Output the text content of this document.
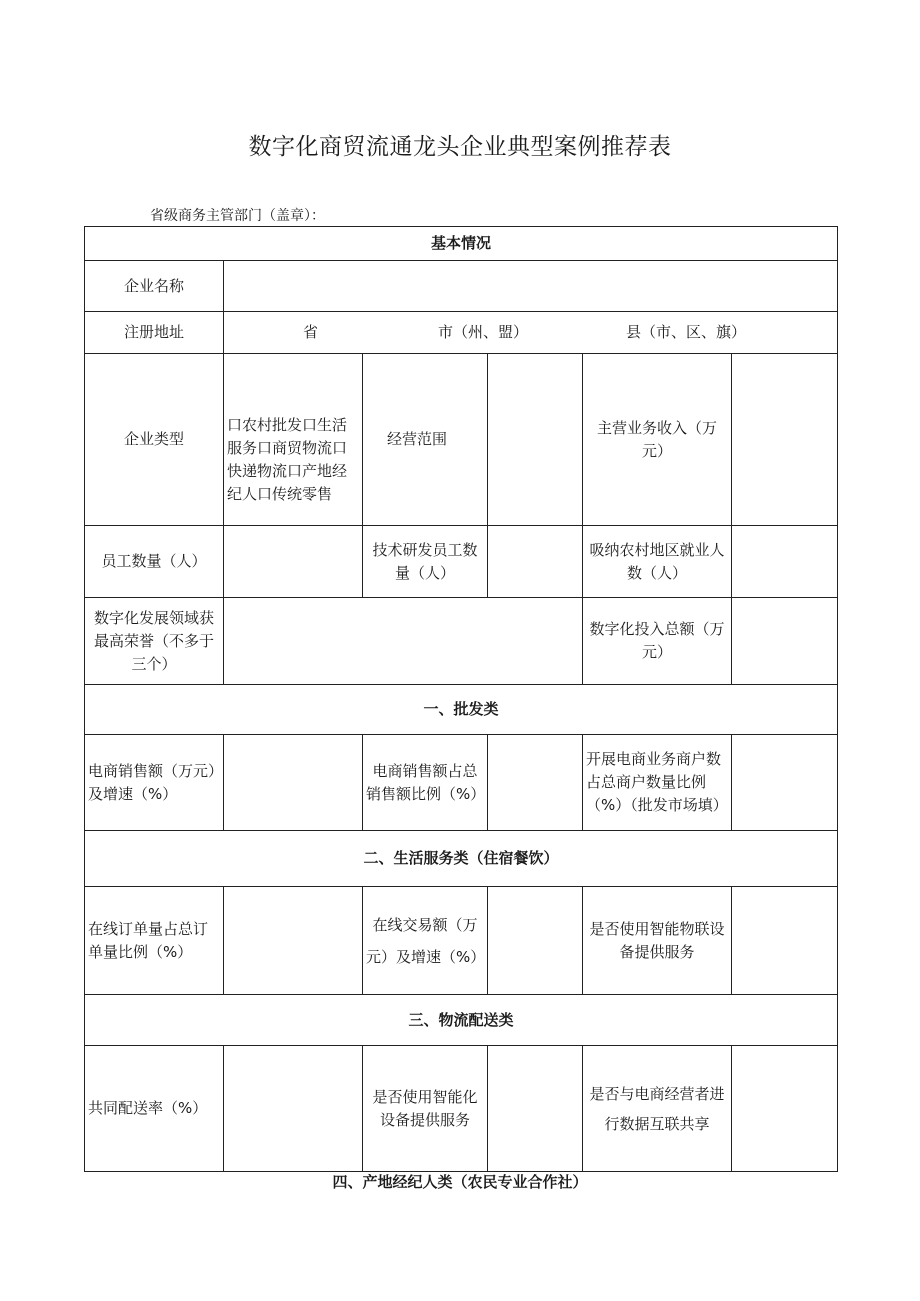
数字化商贸流通龙头企业典型案例推荐表
省级商务主管部门（盖章）：
基本情况					
企业名称					
注册地址	省 市（州、盟） 县（市、区、旗）				

企业类型	口农村批发口生活服务口商贸物流口快递物流口产地经纪人口传统零售	经营范围		主营业务收入（万元）	
员工数量（人）		技术研发员工数量（人）		吸纳农村地区就业人数（人）	
数字化发展领域获最高荣誉（不多于三个）				数字化投入总额（万元）	
一、批发类					
电商销售额（万元）及增速（%）		电商销售额占总销售额比例（%）		开展电商业务商户数占总商户数量比例（%）（批发市场填）	
二、生活服务类（住宿餐饮）					
在线订单量占总订单量比例（%）		在线交易额（万元）及增速（%）		是否使用智能物联设备提供服务	
三、物流配送类					
共同配送率（%）		是否使用智能化设备提供服务		是否与电商经营者进行数据互联共享	
四、产地经纪人类（农民专业合作社）
